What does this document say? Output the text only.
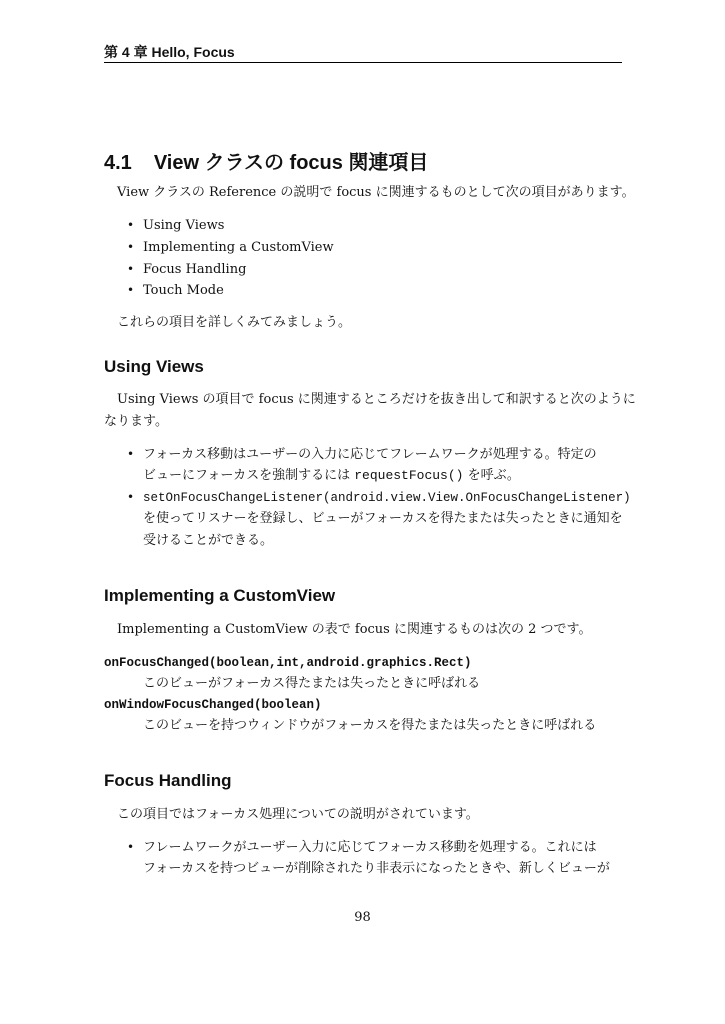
第 4 章 Hello, Focus
4.1 View クラスの focus 関連項目
View クラスの Reference の説明で focus に関連するものとして次の項目があります。
• Using Views
• Implementing a CustomView
• Focus Handling
• Touch Mode
これらの項目を詳しくみてみましょう。
Using Views
Using Views の項目で focus に関連するところだけを抜き出して和訳すると次のように
なります。
• フォーカス移動はユーザーの入力に応じてフレームワークが処理する。特定の
ビューにフォーカスを強制するには requestFocus() を呼ぶ。
• setOnFocusChangeListener(android.view.View.OnFocusChangeListener)
を使ってリスナーを登録し、ビューがフォーカスを得たまたは失ったときに通知を
受けることができる。
Implementing a CustomView
Implementing a CustomView の表で focus に関連するものは次の 2 つです。
onFocusChanged(boolean,int,android.graphics.Rect)
このビューがフォーカス得たまたは失ったときに呼ばれる
onWindowFocusChanged(boolean)
このビューを持つウィンドウがフォーカスを得たまたは失ったときに呼ばれる
Focus Handling
この項目ではフォーカス処理についての説明がされています。
• フレームワークがユーザー入力に応じてフォーカス移動を処理する。これには
フォーカスを持つビューが削除されたり非表示になったときや、新しくビューが
98
